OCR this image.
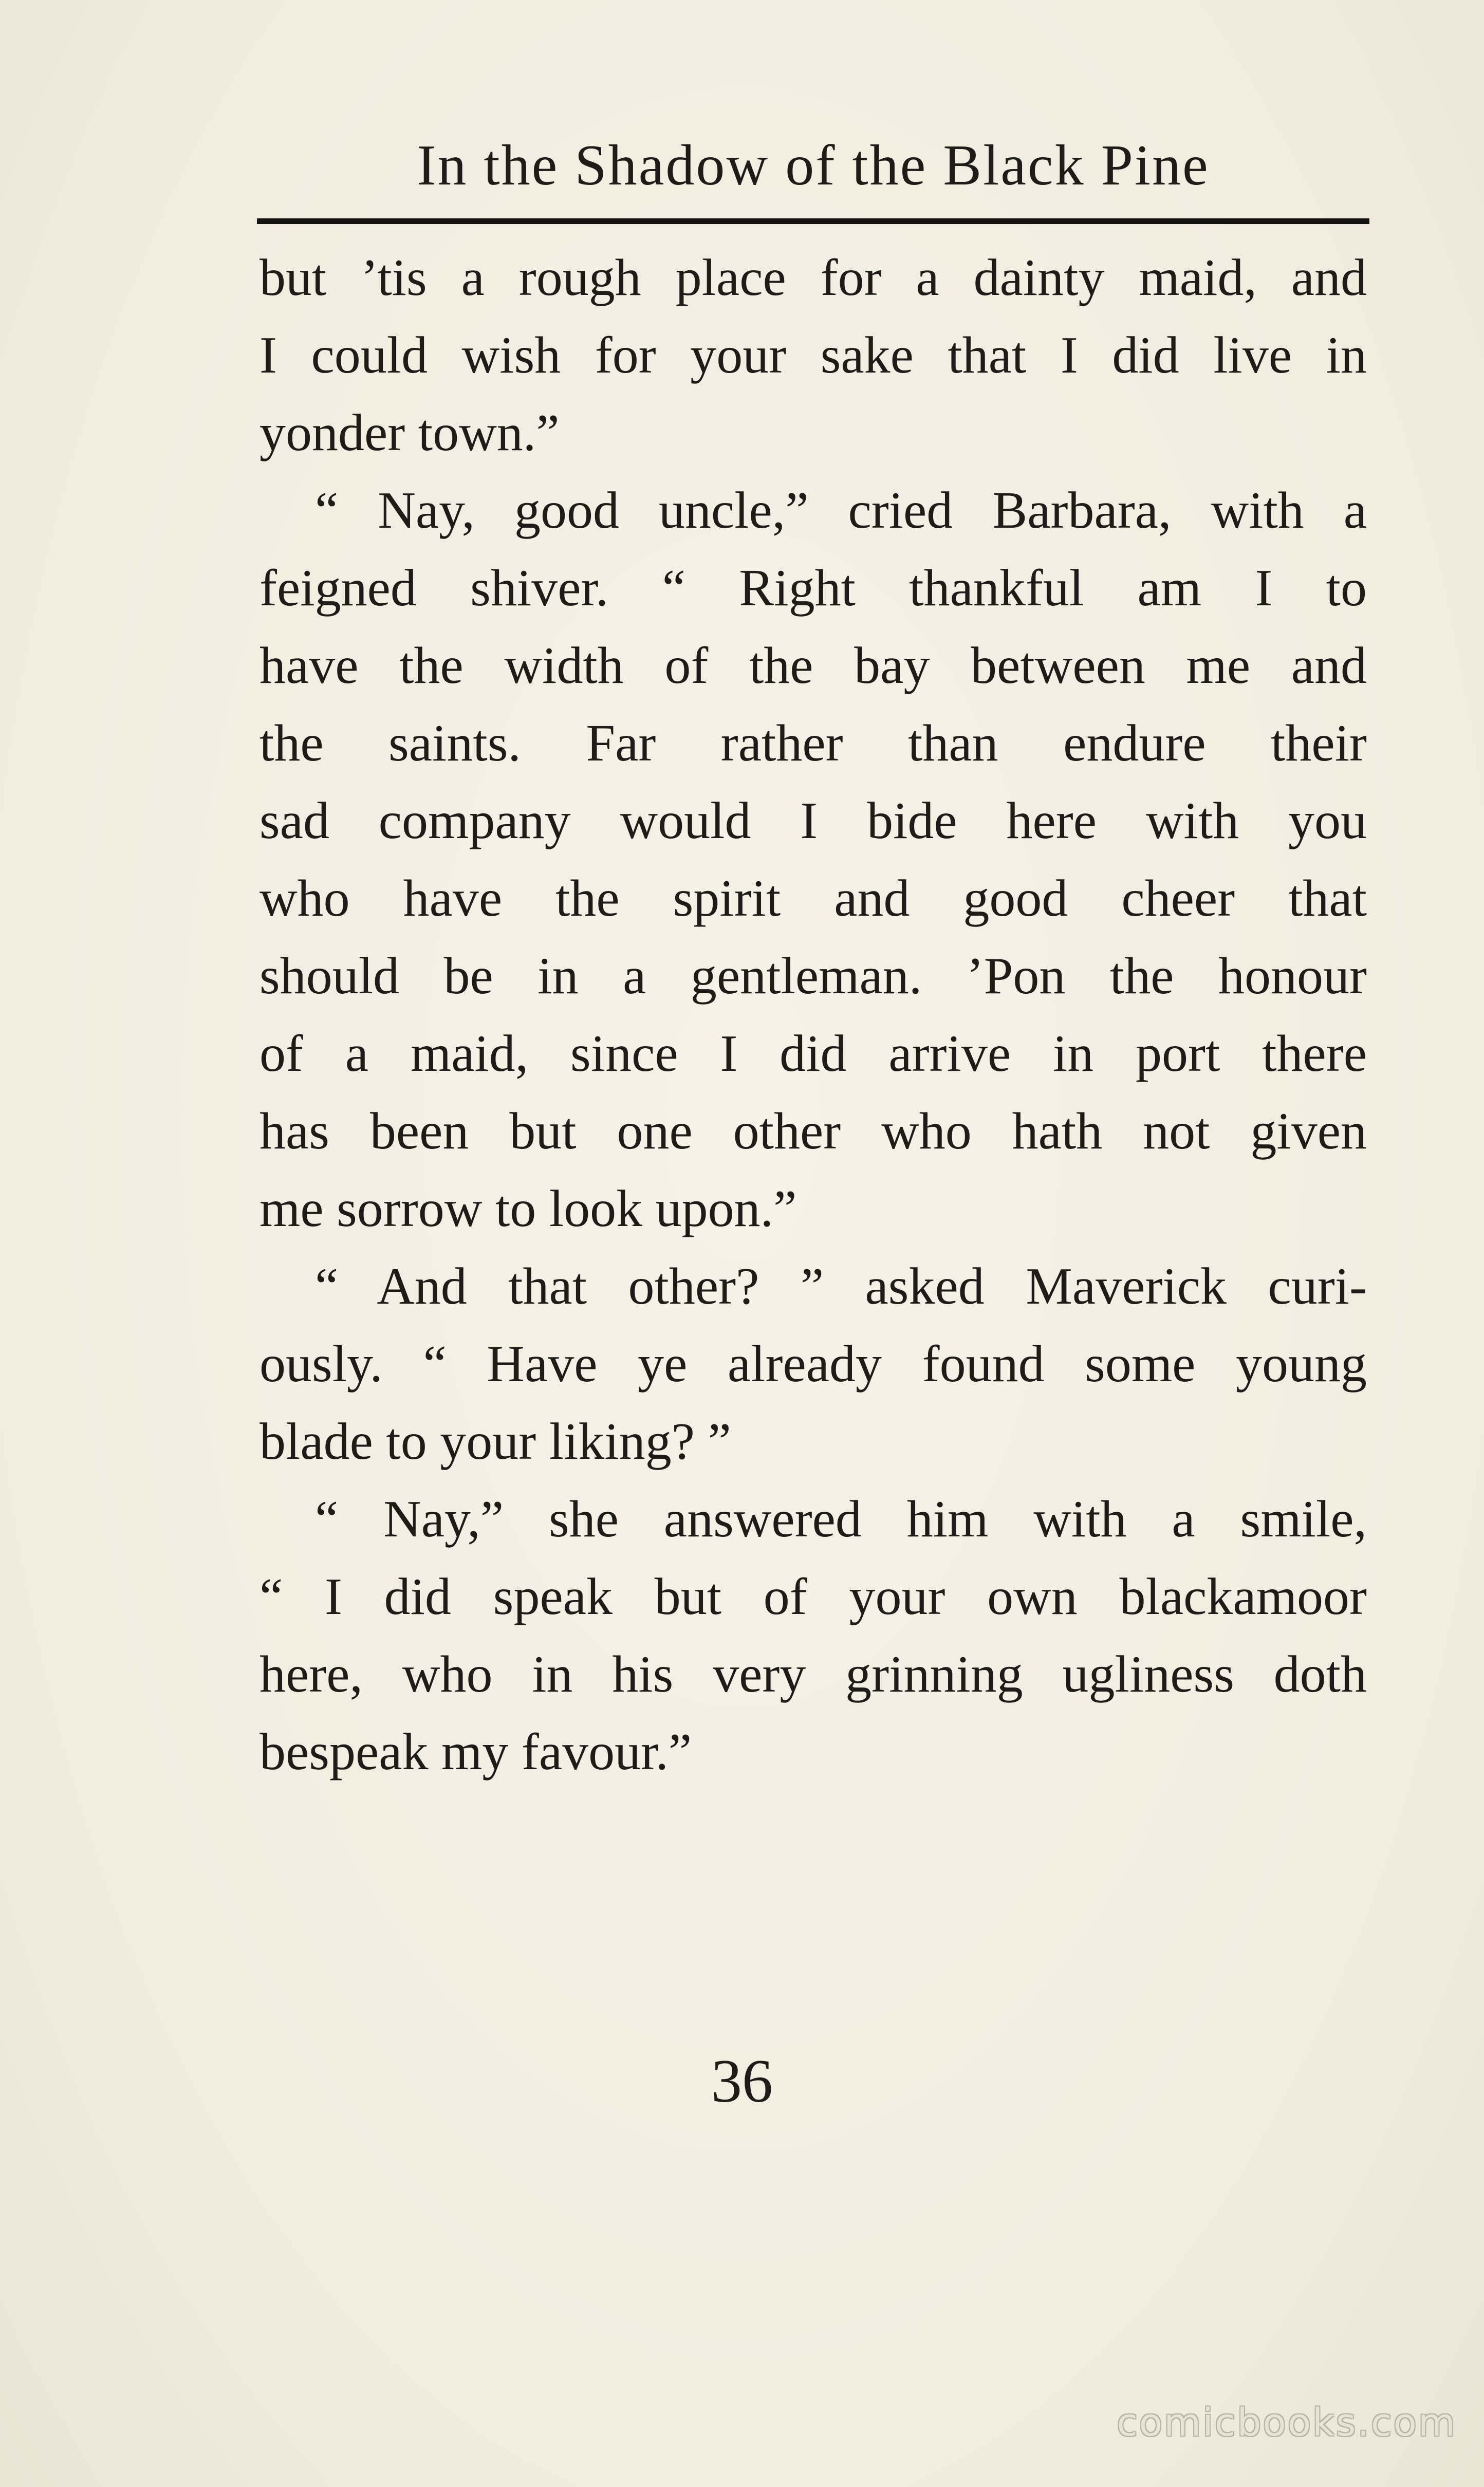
In the Shadow of the Black Pine
but ’tis a rough place for a dainty maid, and
I could wish for your sake that I did live in
yonder town.”
“ Nay, good uncle,” cried Barbara, with a
feigned shiver. “ Right thankful am I to
have the width of the bay between me and
the saints. Far rather than endure their
sad company would I bide here with you
who have the spirit and good cheer that
should be in a gentleman. ’Pon the honour
of a maid, since I did arrive in port there
has been but one other who hath not given
me sorrow to look upon.”
“ And that other? ” asked Maverick curi-
ously. “ Have ye already found some young
blade to your liking? ”
“ Nay,” she answered him with a smile,
“ I did speak but of your own blackamoor
here, who in his very grinning ugliness doth
bespeak my favour.”
36
comicbooks.com
